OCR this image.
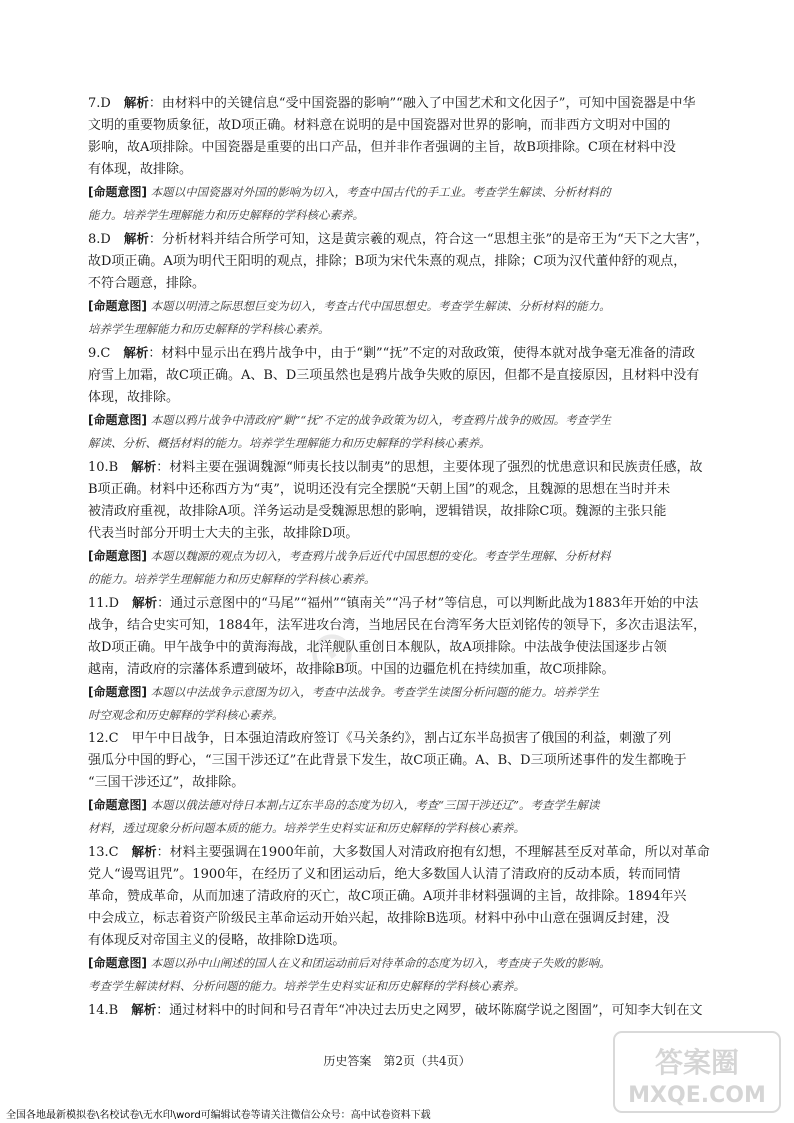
⊙

7.D　 解析：由材料中的关键信息“受中国瓷器的影响”“融入了中国艺术和文化因子”，可知中国瓷器是中华

文明的重要物质象征，故D项正确。材料意在说明的是中国瓷器对世界的影响，而非西方文明对中国的

影响，故A项排除。中国瓷器是重要的出口产品，但并非作者强调的主旨，故B项排除。C项在材料中没

有体现，故排除。

[命题意图] 本题以中国瓷器对外国的影响为切入，考查中国古代的手工业。考查学生解读、分析材料的

能力。培养学生理解能力和历史解释的学科核心素养。

8.D　 解析：分析材料并结合所学可知，这是黄宗羲的观点，符合这一“思想主张”的是帝王为“天下之大害”，

故D项正确。A项为明代王阳明的观点，排除；B项为宋代朱熹的观点，排除；C项为汉代董仲舒的观点，

不符合题意，排除。

[命题意图] 本题以明清之际思想巨变为切入，考查古代中国思想史。考查学生解读、分析材料的能力。

培养学生理解能力和历史解释的学科核心素养。

9.C　 解析：材料中显示出在鸦片战争中，由于“剿”“抚”不定的对敌政策，使得本就对战争毫无准备的清政

府雪上加霜，故C项正确。A、B、D三项虽然也是鸦片战争失败的原因，但都不是直接原因，且材料中没有

体现，故排除。

[命题意图] 本题以鸦片战争中清政府“剿”“抚”不定的战争政策为切入，考查鸦片战争的败因。考查学生

解读、分析、概括材料的能力。培养学生理解能力和历史解释的学科核心素养。

10.B　 解析：材料主要在强调魏源“师夷长技以制夷”的思想，主要体现了强烈的忧患意识和民族责任感，故

B项正确。材料中还称西方为“夷”，说明还没有完全摆脱“天朝上国”的观念，且魏源的思想在当时并未

被清政府重视，故排除A项。洋务运动是受魏源思想的影响，逻辑错误，故排除C项。魏源的主张只能

代表当时部分开明士大夫的主张，故排除D项。

[命题意图] 本题以魏源的观点为切入，考查鸦片战争后近代中国思想的变化。考查学生理解、分析材料

的能力。培养学生理解能力和历史解释的学科核心素养。

11.D　 解析：通过示意图中的“马尾”“福州”“镇南关”“冯子材”等信息，可以判断此战为1883年开始的中法

战争，结合史实可知，1884年，法军进攻台湾，当地居民在台湾军务大臣刘铭传的领导下，多次击退法军，

故D项正确。甲午战争中的黄海海战，北洋舰队重创日本舰队，故A项排除。中法战争使法国逐步占领

越南，清政府的宗藩体系遭到破坏，故排除B项。中国的边疆危机在持续加重，故C项排除。

[命题意图] 本题以中法战争示意图为切入，考查中法战争。考查学生读图分析问题的能力。培养学生

时空观念和历史解释的学科核心素养。

12.C　 甲午中日战争，日本强迫清政府签订《马关条约》，割占辽东半岛损害了俄国的利益，刺激了列

强瓜分中国的野心，“三国干涉还辽”在此背景下发生，故C项正确。A、B、D三项所述事件的发生都晚于

“三国干涉还辽”，故排除。

[命题意图] 本题以俄法德对待日本割占辽东半岛的态度为切入，考查“三国干涉还辽”。考查学生解读

材料，透过现象分析问题本质的能力。培养学生史料实证和历史解释的学科核心素养。

13.C　 解析：材料主要强调在1900年前，大多数国人对清政府抱有幻想，不理解甚至反对革命，所以对革命

党人“谩骂诅咒”。1900年，在经历了义和团运动后，绝大多数国人认清了清政府的反动本质，转而同情

革命，赞成革命，从而加速了清政府的灭亡，故C项正确。A项并非材料强调的主旨，故排除。1894年兴

中会成立，标志着资产阶级民主革命运动开始兴起，故排除B选项。材料中孙中山意在强调反封建，没

有体现反对帝国主义的侵略，故排除D选项。

[命题意图] 本题以孙中山阐述的国人在义和团运动前后对待革命的态度为切入，考查庚子失败的影响。

考查学生解读材料、分析问题的能力。培养学生史料实证和历史解释的学科核心素养。

14.B　 解析：通过材料中的时间和号召青年“冲决过去历史之网罗，破坏陈腐学说之图圄”，可知李大钊在文

历史答案　第2页（共4页）	答案圈
MXQE.COM
全国各地最新模拟卷\名校试卷\无水印\word可编辑试卷等请关注微信公众号：高中试卷资料下载
